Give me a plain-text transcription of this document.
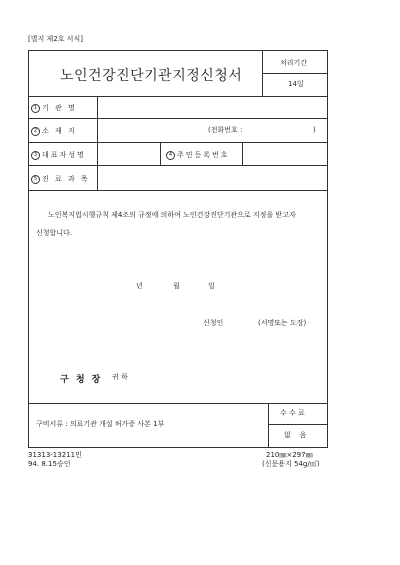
[별지 제2호 서식]
노인건강진단기관지정신청서
처리기간
14일
1 기 관 명
2 소 재 지	(전화번호 :	)
3 대표자성명	4 주민등록번호
5 진 료 과 목
노인복지법시행규칙 제4조의 규정에 의하여 노인건강진단기관으로 지정을 받고자
신청합니다.
년	월	일
신청인	(서명또는 도장)
구 청 장 귀 하
구비서류 : 의료기관 개설 허가증 사본 1부
수 수 료
없    음
31313-13211민
94. 8.15승인
210㎜×297㎜
(신문용지 54g/㎡)
